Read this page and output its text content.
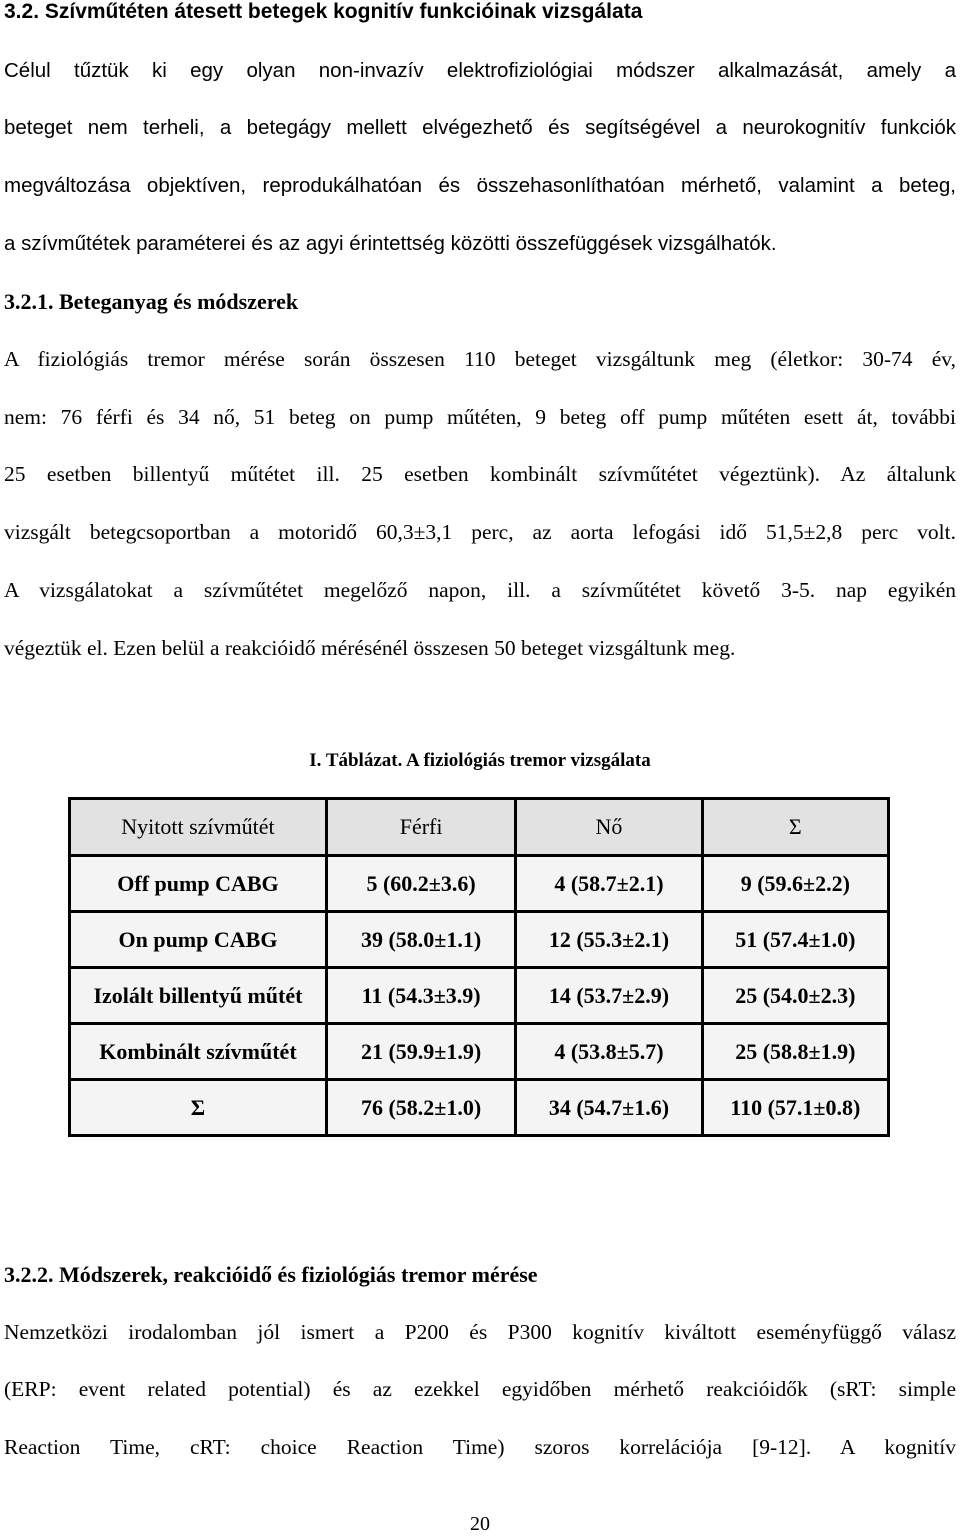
3.2. Szívműtéten átesett betegek kognitív funkcióinak vizsgálata
Célul tűztük ki egy olyan non-invazív elektrofiziológiai módszer alkalmazását, amely a
beteget nem terheli, a betegágy mellett elvégezhető és segítségével a neurokognitív funkciók
megváltozása objektíven, reprodukálhatóan és összehasonlíthatóan mérhető, valamint a beteg,
a szívműtétek paraméterei és az agyi érintettség közötti összefüggések vizsgálhatók.
3.2.1. Beteganyag és módszerek
A fiziológiás tremor mérése során összesen 110 beteget vizsgáltunk meg (életkor: 30-74 év,
nem: 76 férfi és 34 nő, 51 beteg on pump műtéten, 9 beteg off pump műtéten esett át, további
25 esetben billentyű műtétet ill. 25 esetben kombinált szívműtétet végeztünk). Az általunk
vizsgált betegcsoportban a motoridő 60,3±3,1 perc, az aorta lefogási idő 51,5±2,8 perc volt.
A vizsgálatokat a szívműtétet megelőző napon, ill. a szívműtétet követő 3-5. nap egyikén
végeztük el. Ezen belül a reakcióidő mérésénél összesen 50 beteget vizsgáltunk meg.
I. Táblázat. A fiziológiás tremor vizsgálata
Nyitott szívműtét	Férfi	Nő	Σ
Off pump CABG	5 (60.2±3.6)	4 (58.7±2.1)	9 (59.6±2.2)
On pump CABG	39 (58.0±1.1)	12 (55.3±2.1)	51 (57.4±1.0)
Izolált billentyű műtét	11 (54.3±3.9)	14 (53.7±2.9)	25 (54.0±2.3)
Kombinált szívműtét	21 (59.9±1.9)	4 (53.8±5.7)	25 (58.8±1.9)
Σ	76 (58.2±1.0)	34 (54.7±1.6)	110 (57.1±0.8)
3.2.2. Módszerek, reakcióidő és fiziológiás tremor mérése
Nemzetközi irodalomban jól ismert a P200 és P300 kognitív kiváltott eseményfüggő válasz
(ERP: event related potential) és az ezekkel egyidőben mérhető reakcióidők (sRT: simple
Reaction Time, cRT: choice Reaction Time) szoros korrelációja [9-12]. A kognitív
20
